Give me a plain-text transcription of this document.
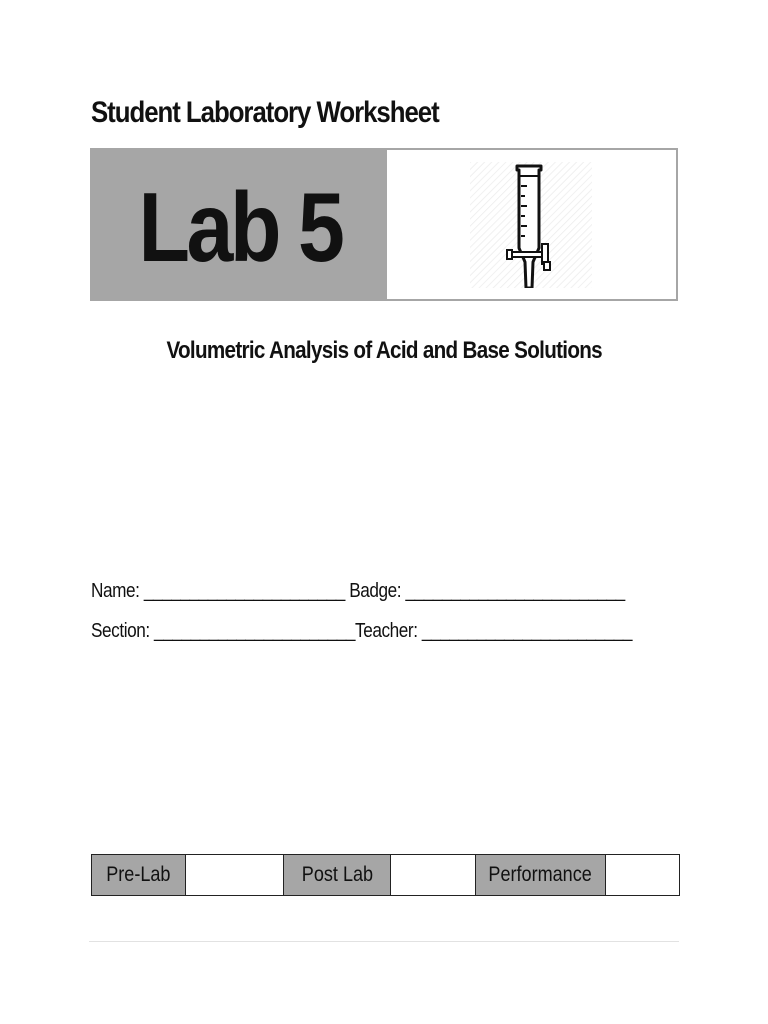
Student Laboratory Worksheet
Lab 5
Volumetric Analysis of Acid and Base Solutions
Name: ______________________ Badge: ________________________
Section: ______________________Teacher: _______________________
Pre-Lab		Post Lab		Performance	
